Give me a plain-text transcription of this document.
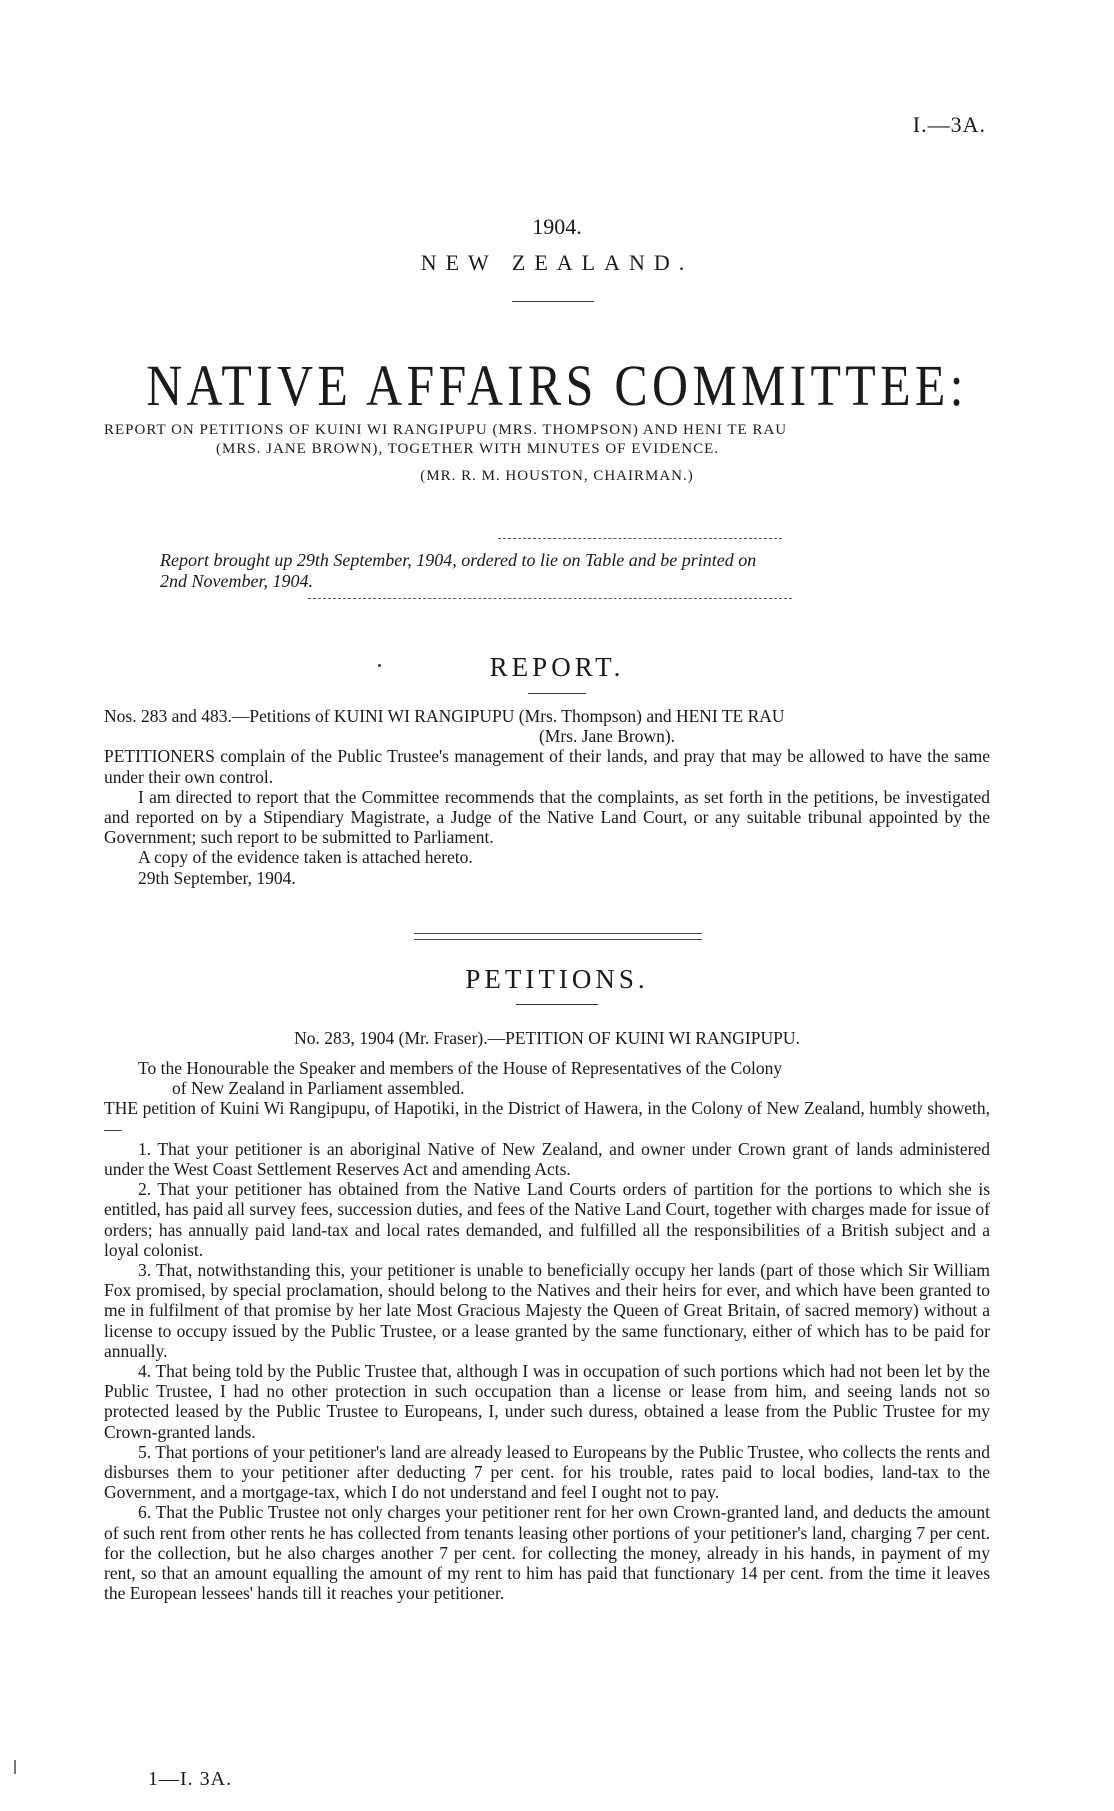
I.—3A.
1904.
NEW ZEALAND.
NATIVE AFFAIRS COMMITTEE:
REPORT ON PETITIONS OF KUINI WI RANGIPUPU (MRS. THOMPSON) AND HENI TE RAU
(MRS. JANE BROWN), TOGETHER WITH MINUTES OF EVIDENCE.
(MR. R. M. HOUSTON, CHAIRMAN.)
Report brought up 29th September, 1904, ordered to lie on Table and be printed on
2nd November, 1904.
REPORT.

Nos. 283 and 483.—Petitions of KUINI WI RANGIPUPU (Mrs. Thompson) and HENI TE RAU
(Mrs. Jane Brown).

PETITIONERS complain of the Public Trustee's management of their lands, and pray that may be allowed to have the same under their own control.

I am directed to report that the Committee recommends that the complaints, as set forth in the petitions, be investigated and reported on by a Stipendiary Magistrate, a Judge of the Native Land Court, or any suitable tribunal appointed by the Government; such report to be submitted to Parliament.

A copy of the evidence taken is attached hereto.

29th September, 1904.

PETITIONS.
No. 283, 1904 (Mr. Fraser).—PETITION OF KUINI WI RANGIPUPU.

To the Honourable the Speaker and members of the House of Representatives of the Colony
of New Zealand in Parliament assembled.

THE petition of Kuini Wi Rangipupu, of Hapotiki, in the District of Hawera, in the Colony of New Zealand, humbly showeth,—

1. That your petitioner is an aboriginal Native of New Zealand, and owner under Crown grant of lands administered under the West Coast Settlement Reserves Act and amending Acts.

2. That your petitioner has obtained from the Native Land Courts orders of partition for the portions to which she is entitled, has paid all survey fees, succession duties, and fees of the Native Land Court, together with charges made for issue of orders; has annually paid land-tax and local rates demanded, and fulfilled all the responsibilities of a British subject and a loyal colonist.

3. That, notwithstanding this, your petitioner is unable to beneficially occupy her lands (part of those which Sir William Fox promised, by special proclamation, should belong to the Natives and their heirs for ever, and which have been granted to me in fulfilment of that promise by her late Most Gracious Majesty the Queen of Great Britain, of sacred memory) without a license to occupy issued by the Public Trustee, or a lease granted by the same functionary, either of which has to be paid for annually.

4. That being told by the Public Trustee that, although I was in occupation of such portions which had not been let by the Public Trustee, I had no other protection in such occupation than a license or lease from him, and seeing lands not so protected leased by the Public Trustee to Europeans, I, under such duress, obtained a lease from the Public Trustee for my Crown-granted lands.

5. That portions of your petitioner's land are already leased to Europeans by the Public Trustee, who collects the rents and disburses them to your petitioner after deducting 7 per cent. for his trouble, rates paid to local bodies, land-tax to the Government, and a mortgage-tax, which I do not understand and feel I ought not to pay.

6. That the Public Trustee not only charges your petitioner rent for her own Crown-granted land, and deducts the amount of such rent from other rents he has collected from tenants leasing other portions of your petitioner's land, charging 7 per cent. for the collection, but he also charges another 7 per cent. for collecting the money, already in his hands, in payment of my rent, so that an amount equalling the amount of my rent to him has paid that functionary 14 per cent. from the time it leaves the European lessees' hands till it reaches your petitioner.

1—I. 3A.
